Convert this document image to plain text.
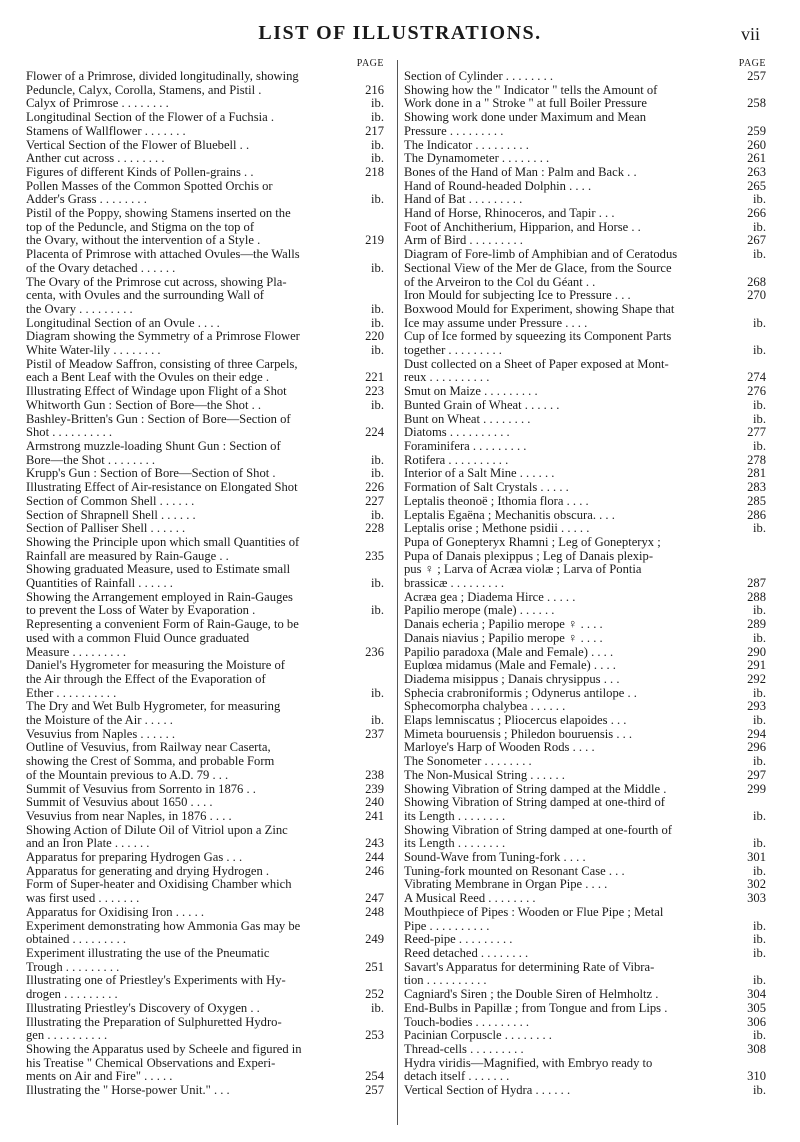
LIST OF ILLUSTRATIONS.	vii
PAGE
Flower of a Primrose, divided longitudinally, showing
Peduncle, Calyx, Corolla, Stamens, and Pistil .	216
Calyx of Primrose . . . . . . . .	ib.
Longitudinal Section of the Flower of a Fuchsia .	ib.
Stamens of Wallflower . . . . . . .	217
Vertical Section of the Flower of Bluebell . .	ib.
Anther cut across . . . . . . . .	ib.
Figures of different Kinds of Pollen-grains . .	218
Pollen Masses of the Common Spotted Orchis or
Adder's Grass . . . . . . . .	ib.
Pistil of the Poppy, showing Stamens inserted on the
top of the Peduncle, and Stigma on the top of
the Ovary, without the intervention of a Style .	219
Placenta of Primrose with attached Ovules—the Walls
of the Ovary detached . . . . . .	ib.
The Ovary of the Primrose cut across, showing Pla-
centa, with Ovules and the surrounding Wall of
the Ovary . . . . . . . . .	ib.
Longitudinal Section of an Ovule . . . .	ib.
Diagram showing the Symmetry of a Primrose Flower	220
White Water-lily . . . . . . . .	ib.
Pistil of Meadow Saffron, consisting of three Carpels,
each a Bent Leaf with the Ovules on their edge .	221
Illustrating Effect of Windage upon Flight of a Shot	223
Whitworth Gun : Section of Bore—the Shot . .	ib.
Bashley-Britten's Gun : Section of Bore—Section of
Shot . . . . . . . . . .	224
Armstrong muzzle-loading Shunt Gun : Section of
Bore—the Shot . . . . . . . .	ib.
Krupp's Gun : Section of Bore—Section of Shot .	ib.
Illustrating Effect of Air-resistance on Elongated Shot	226
Section of Common Shell . . . . . .	227
Section of Shrapnell Shell . . . . . .	ib.
Section of Palliser Shell . . . . . .	228
Showing the Principle upon which small Quantities of
Rainfall are measured by Rain-Gauge . .	235
Showing graduated Measure, used to Estimate small
Quantities of Rainfall . . . . . .	ib.
Showing the Arrangement employed in Rain-Gauges
to prevent the Loss of Water by Evaporation .	ib.
Representing a convenient Form of Rain-Gauge, to be
used with a common Fluid Ounce graduated
Measure . . . . . . . . .	236
Daniel's Hygrometer for measuring the Moisture of
the Air through the Effect of the Evaporation of
Ether . . . . . . . . . .	ib.
The Dry and Wet Bulb Hygrometer, for measuring
the Moisture of the Air . . . . .	ib.
Vesuvius from Naples . . . . . .	237
Outline of Vesuvius, from Railway near Caserta,
showing the Crest of Somma, and probable Form
of the Mountain previous to A.D. 79 . . .	238
Summit of Vesuvius from Sorrento in 1876 . .	239
Summit of Vesuvius about 1650 . . . .	240
Vesuvius from near Naples, in 1876 . . . .	241
Showing Action of Dilute Oil of Vitriol upon a Zinc
and an Iron Plate . . . . . .	243
Apparatus for preparing Hydrogen Gas . . .	244
Apparatus for generating and drying Hydrogen .	246
Form of Super-heater and Oxidising Chamber which
was first used . . . . . . .	247
Apparatus for Oxidising Iron . . . . .	248
Experiment demonstrating how Ammonia Gas may be
obtained . . . . . . . . .	249
Experiment illustrating the use of the Pneumatic
Trough . . . . . . . . .	251
Illustrating one of Priestley's Experiments with Hy-
drogen . . . . . . . . .	252
Illustrating Priestley's Discovery of Oxygen . .	ib.
Illustrating the Preparation of Sulphuretted Hydro-
gen . . . . . . . . . .	253
Showing the Apparatus used by Scheele and figured in
his Treatise " Chemical Observations and Experi-
ments on Air and Fire" . . . . .	254
Illustrating the " Horse-power Unit." . . .	257
PAGE
Section of Cylinder . . . . . . . .	257
Showing how the " Indicator " tells the Amount of
Work done in a " Stroke " at full Boiler Pressure	258
Showing work done under Maximum and Mean
Pressure . . . . . . . . .	259
The Indicator . . . . . . . . .	260
The Dynamometer . . . . . . . .	261
Bones of the Hand of Man : Palm and Back . .	263
Hand of Round-headed Dolphin . . . .	265
Hand of Bat . . . . . . . . .	ib.
Hand of Horse, Rhinoceros, and Tapir . . .	266
Foot of Anchitherium, Hipparion, and Horse . .	ib.
Arm of Bird . . . . . . . . .	267
Diagram of Fore-limb of Amphibian and of Ceratodus	ib.
Sectional View of the Mer de Glace, from the Source
of the Arveiron to the Col du Géant . .	268
Iron Mould for subjecting Ice to Pressure . . .	270
Boxwood Mould for Experiment, showing Shape that
Ice may assume under Pressure . . . .	ib.
Cup of Ice formed by squeezing its Component Parts
together . . . . . . . . .	ib.
Dust collected on a Sheet of Paper exposed at Mont-
reux . . . . . . . . . .	274
Smut on Maize . . . . . . . . .	276
Bunted Grain of Wheat . . . . . .	ib.
Bunt on Wheat . . . . . . . .	ib.
Diatoms . . . . . . . . . .	277
Foraminifera . . . . . . . . .	ib.
Rotifera . . . . . . . . . .	278
Interior of a Salt Mine . . . . . .	281
Formation of Salt Crystals . . . . .	283
Leptalis theonoë ; Ithomia flora . . . .	285
Leptalis Egaëna ; Mechanitis obscura. . . .	286
Leptalis orise ; Methone psidii . . . . .	ib.
Pupa of Gonepteryx Rhamni ; Leg of Gonepteryx ;
Pupa of Danais plexippus ; Leg of Danais plexip-
pus ♀ ; Larva of Acræa violæ ; Larva of Pontia
brassicæ . . . . . . . . .	287
Acræa gea ; Diadema Hirce . . . . .	288
Papilio merope (male) . . . . . .	ib.
Danais echeria ; Papilio merope ♀ . . . .	289
Danais niavius ; Papilio merope ♀ . . . .	ib.
Papilio paradoxa (Male and Female) . . . .	290
Euplœa midamus (Male and Female) . . . .	291
Diadema misippus ; Danais chrysippus . . .	292
Sphecia crabroniformis ; Odynerus antilope . .	ib.
Sphecomorpha chalybea . . . . . .	293
Elaps lemniscatus ; Pliocercus elapoides . . .	ib.
Mimeta bouruensis ; Philedon bouruensis . . .	294
Marloye's Harp of Wooden Rods . . . .	296
The Sonometer . . . . . . . .	ib.
The Non-Musical String . . . . . .	297
Showing Vibration of String damped at the Middle .	299
Showing Vibration of String damped at one-third of
its Length . . . . . . . .	ib.
Showing Vibration of String damped at one-fourth of
its Length . . . . . . . .	ib.
Sound-Wave from Tuning-fork . . . .	301
Tuning-fork mounted on Resonant Case . . .	ib.
Vibrating Membrane in Organ Pipe . . . .	302
A Musical Reed . . . . . . . .	303
Mouthpiece of Pipes : Wooden or Flue Pipe ; Metal
Pipe . . . . . . . . . .	ib.
Reed-pipe . . . . . . . . .	ib.
Reed detached . . . . . . . .	ib.
Savart's Apparatus for determining Rate of Vibra-
tion . . . . . . . . . .	ib.
Cagniard's Siren ; the Double Siren of Helmholtz .	304
End-Bulbs in Papillæ ; from Tongue and from Lips .	305
Touch-bodies . . . . . . . . .	306
Pacinian Corpuscle . . . . . . . .	ib.
Thread-cells . . . . . . . . .	308
Hydra viridis—Magnified, with Embryo ready to
detach itself . . . . . . .	310
Vertical Section of Hydra . . . . . .	ib.
